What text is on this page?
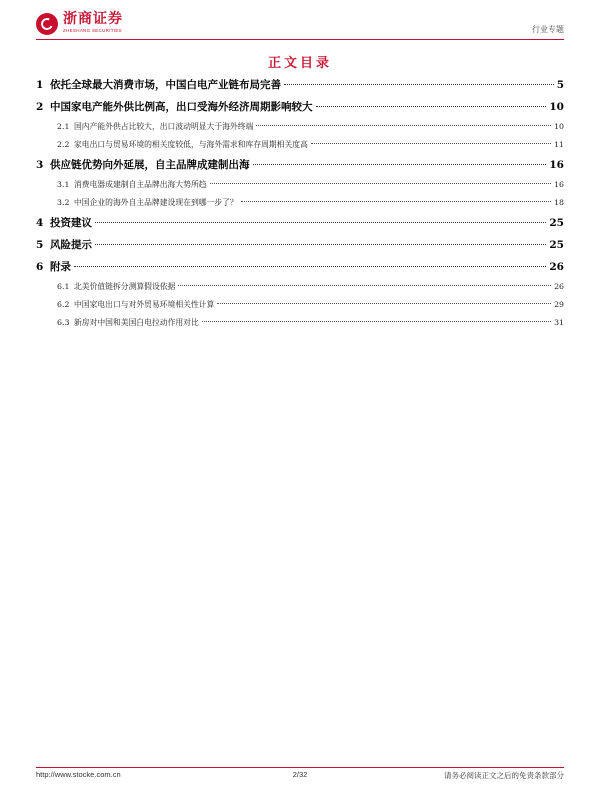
浙商证券
ZHESHANG SECURITIES	行业专题
正文目录
1 依托全球最大消费市场，中国白电产业链布局完善	5
2 中国家电产能外供比例高，出口受海外经济周期影响较大	10
2.1 国内产能外供占比较大，出口波动明显大于海外终端	10
2.2 家电出口与贸易环境的相关度较低，与海外需求和库存周期相关度高	11
3 供应链优势向外延展，自主品牌成建制出海	16
3.1 消费电器成建制自主品牌出海大势所趋	16
3.2 中国企业的海外自主品牌建设现在到哪一步了？	18
4 投资建议	25
5 风险提示	25
6 附录	26
6.1 北美价值链拆分测算假设依据	26
6.2 中国家电出口与对外贸易环境相关性计算	29
6.3 新房对中国和美国白电拉动作用对比	31
http://www.stocke.com.cn	2/32	请务必阅读正文之后的免责条款部分
